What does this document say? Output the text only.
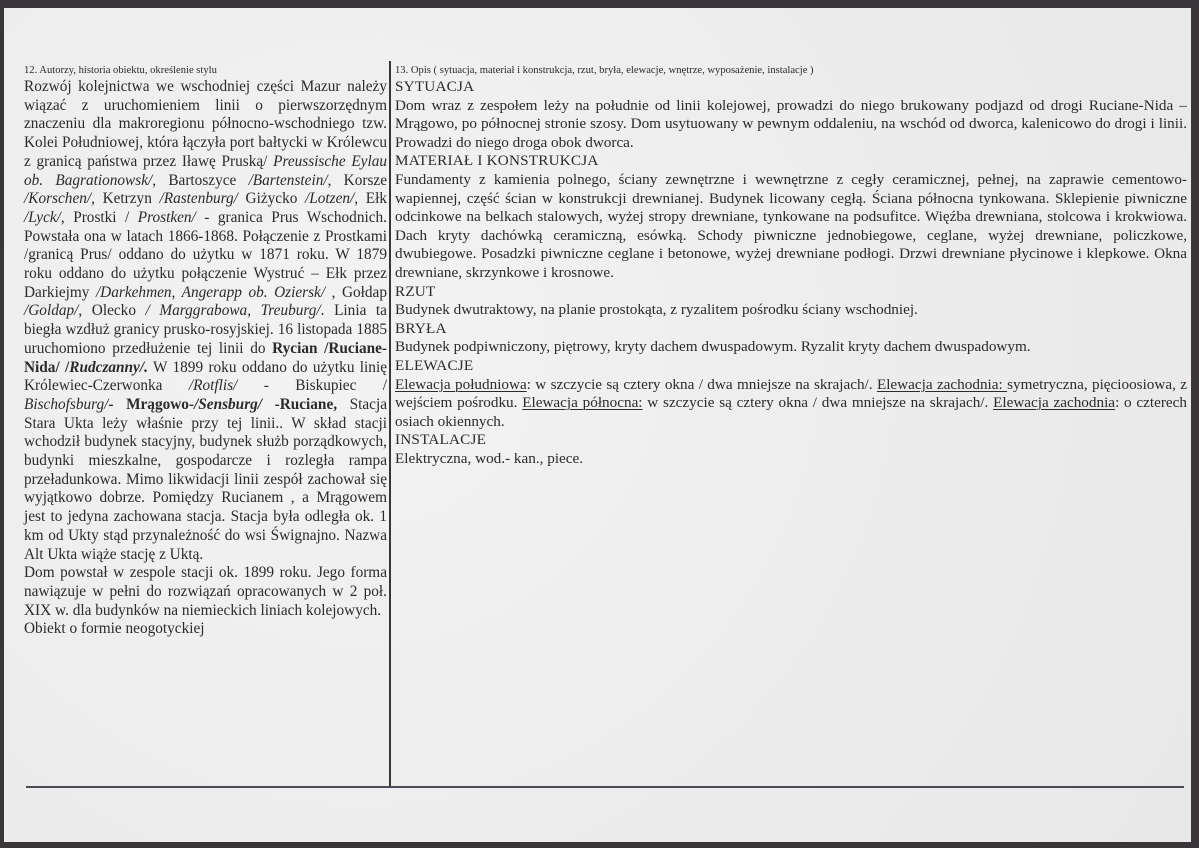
12. Autorzy, historia obiektu, określenie stylu

Rozwój kolejnictwa we wschodniej części Mazur należy wiązać z uruchomieniem linii o pierwszorzędnym znaczeniu dla makroregionu północno-wschodniego tzw. Kolei Południowej, która łączyła port bałtycki w Królewcu z granicą państwa przez Iławę Pruską/ Preussische Eylau ob. Bagrationowsk/, Bartoszyce /Bartenstein/, Korsze /Korschen/, Ketrzyn /Rastenburg/ Giżycko /Lotzen/, Ełk /Lyck/, Prostki / Prostken/ - granica Prus Wschodnich. Powstała ona w latach 1866-1868. Połączenie z Prostkami /granicą Prus/ oddano do użytku w 1871 roku. W 1879 roku oddano do użytku połączenie Wystruć – Ełk przez Darkiejmy /Darkehmen, Angerapp ob. Oziersk/ , Gołdap /Goldap/, Olecko / Marggrabowa, Treuburg/. Linia ta biegła wzdłuż granicy prusko-rosyjskiej. 16 listopada 1885 uruchomiono przedłużenie tej linii do Rycian /Ruciane-Nida/ /Rudczanny/. W 1899 roku oddano do użytku linię Królewiec-Czerwonka /Rotflis/ - Biskupiec / Bischofsburg/- Mrągowo-/Sensburg/ -Ruciane, Stacja Stara Ukta leży właśnie przy tej linii.. W skład stacji wchodził budynek stacyjny, budynek służb porządkowych, budynki mieszkalne, gospodarcze i rozległa rampa przeładunkowa. Mimo likwidacji linii zespół zachował się wyjątkowo dobrze. Pomiędzy Rucianem , a Mrągowem jest to jedyna zachowana stacja. Stacja była odległa ok. 1 km od Ukty stąd przynależność do wsi Śwignajno. Nazwa Alt Ukta wiąże stację z Uktą.

Dom powstał w zespole stacji ok. 1899 roku. Jego forma nawiązuje w pełni do rozwiązań opracowanych w 2 poł. XIX w. dla budynków na niemieckich liniach kolejowych.

Obiekt o formie neogotyckiej

13. Opis ( sytuacja, materiał i konstrukcja, rzut, bryła, elewacje, wnętrze, wyposażenie, instalacje )

SYTUACJA

Dom wraz z zespołem leży na południe od linii kolejowej, prowadzi do niego brukowany podjazd od drogi Ruciane-Nida – Mrągowo, po północnej stronie szosy. Dom usytuowany w pewnym oddaleniu, na wschód od dworca, kalenicowo do drogi i linii. Prowadzi do niego droga obok dworca.

MATERIAŁ I KONSTRUKCJA

Fundamenty z kamienia polnego, ściany zewnętrzne i wewnętrzne z cegły ceramicznej, pełnej, na zaprawie cementowo-wapiennej, część ścian w konstrukcji drewnianej. Budynek licowany cegłą. Ściana północna tynkowana. Sklepienie piwniczne odcinkowe na belkach stalowych, wyżej stropy drewniane, tynkowane na podsufitce. Więźba drewniana, stolcowa i krokwiowa. Dach kryty dachówką ceramiczną, esówką. Schody piwniczne jednobiegowe, ceglane, wyżej drewniane, policzkowe, dwubiegowe. Posadzki piwniczne ceglane i betonowe, wyżej drewniane podłogi. Drzwi drewniane płycinowe i klepkowe. Okna drewniane, skrzynkowe i krosnowe.

RZUT

Budynek dwutraktowy, na planie prostokąta, z ryzalitem pośrodku ściany wschodniej.

BRYŁA

Budynek podpiwniczony, piętrowy, kryty dachem dwuspadowym. Ryzalit kryty dachem dwuspadowym.

ELEWACJE

Elewacja południowa: w szczycie są cztery okna / dwa mniejsze na skrajach/. Elewacja zachodnia: symetryczna, pięcioosiowa, z wejściem pośrodku. Elewacja północna: w szczycie są cztery okna / dwa mniejsze na skrajach/. Elewacja zachodnia: o czterech osiach okiennych.

INSTALACJE

Elektryczna, wod.- kan., piece.
